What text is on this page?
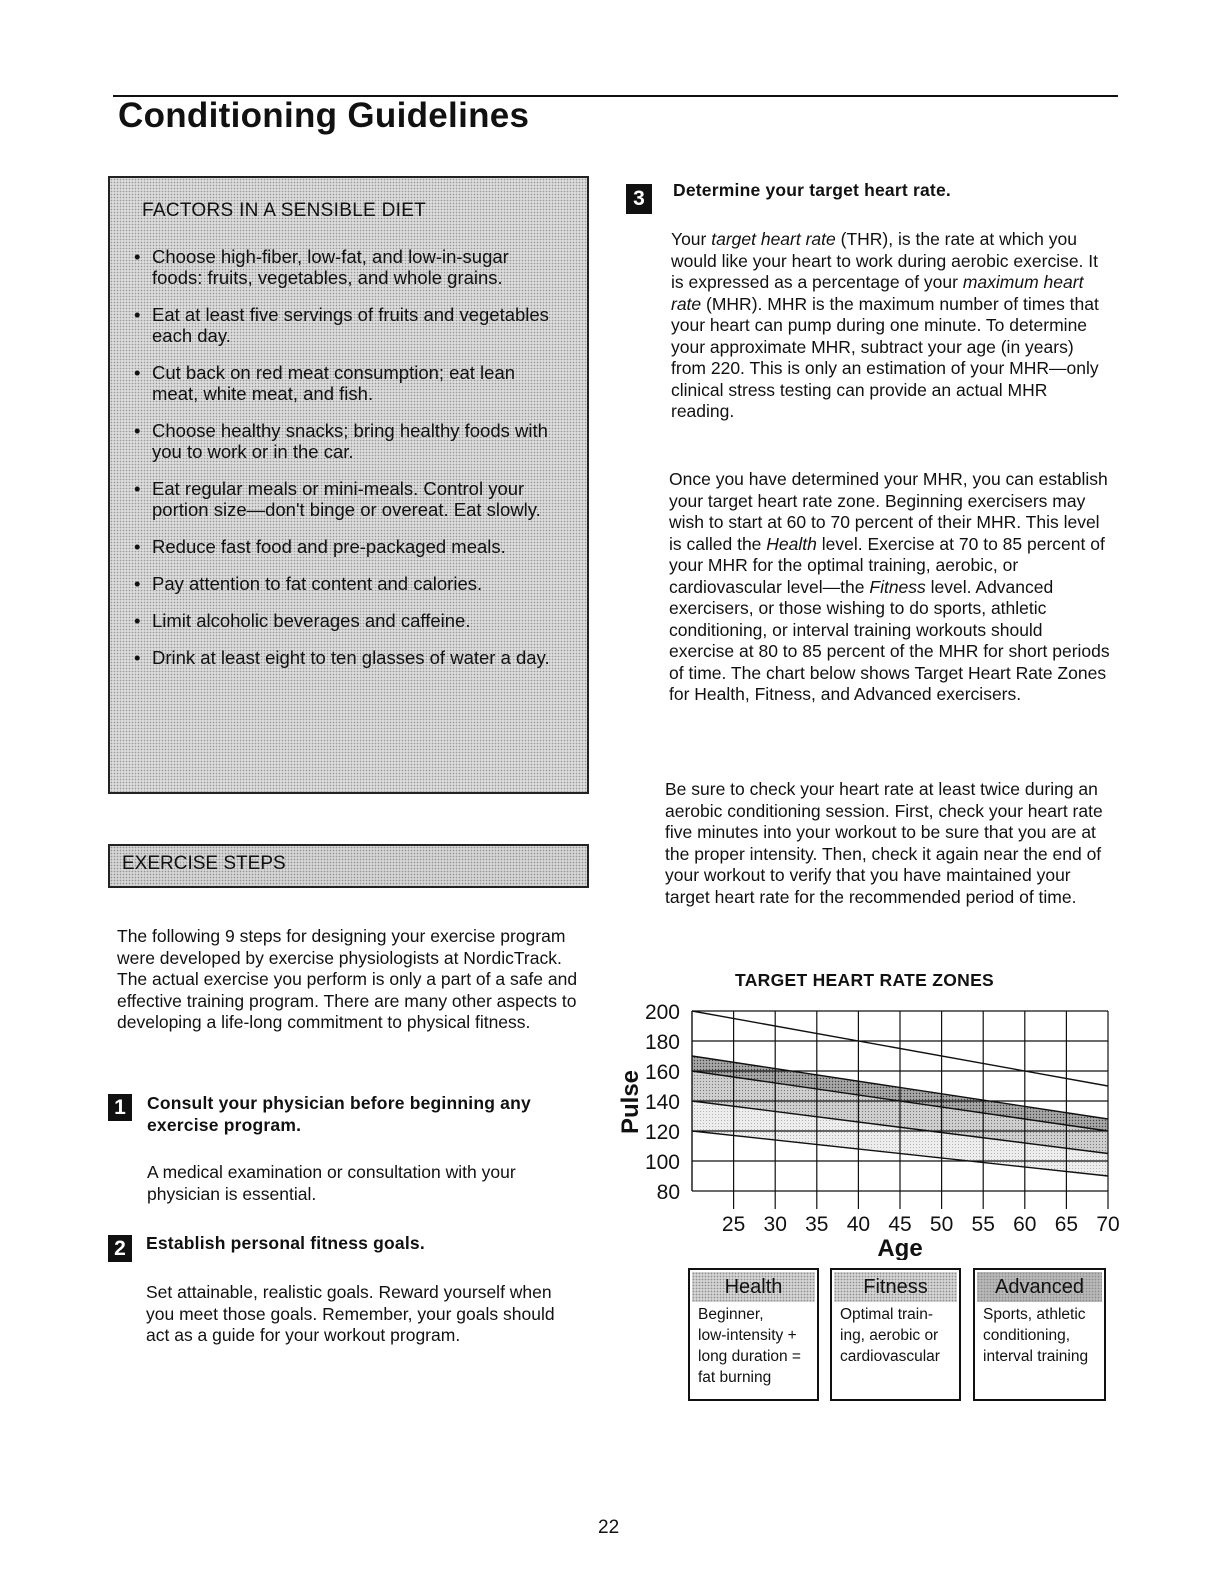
Conditioning Guidelines
FACTORS IN A SENSIBLE DIET
• Choose high-fiber, low-fat, and low-in-sugar foods: fruits, vegetables, and whole grains.
• Eat at least five servings of fruits and vegetables each day.
• Cut back on red meat consumption; eat lean meat, white meat, and fish.
• Choose healthy snacks; bring healthy foods with you to work or in the car.
• Eat regular meals or mini-meals. Control your portion size—don't binge or overeat. Eat slowly.
• Reduce fast food and pre-packaged meals.
• Pay attention to fat content and calories.
• Limit alcoholic beverages and caffeine.
• Drink at least eight to ten glasses of water a day.
EXERCISE STEPS
The following 9 steps for designing your exercise program were developed by exercise physiologists at NordicTrack. The actual exercise you perform is only a part of a safe and effective training program. There are many other aspects to developing a life-long commitment to physical fitness.
1	Consult your physician before beginning any exercise program.
A medical examination or consultation with your physician is essential.
2	Establish personal fitness goals.
Set attainable, realistic goals. Reward yourself when you meet those goals. Remember, your goals should act as a guide for your workout program.
3	Determine your target heart rate.
Your target heart rate (THR), is the rate at which you would like your heart to work during aerobic exercise. It is expressed as a percentage of your maximum heart rate (MHR). MHR is the maximum number of times that your heart can pump during one minute. To determine your approximate MHR, subtract your age (in years) from 220. This is only an estimation of your MHR—only clinical stress testing can provide an actual MHR reading.
Once you have determined your MHR, you can establish your target heart rate zone. Beginning exercisers may wish to start at 60 to 70 percent of their MHR. This level is called the Health level. Exercise at 70 to 85 percent of your MHR for the optimal training, aerobic, or cardiovascular level—the Fitness level. Advanced exercisers, or those wishing to do sports, athletic conditioning, or interval training workouts should exercise at 80 to 85 percent of the MHR for short periods of time. The chart below shows Target Heart Rate Zones for Health, Fitness, and Advanced exercisers.
Be sure to check your heart rate at least twice during an aerobic conditioning session. First, check your heart rate five minutes into your workout to be sure that you are at the proper intensity. Then, check it again near the end of your workout to verify that you have maintained your target heart rate for the recommended period of time.
TARGET HEART RATE ZONES
200
180
160
140
120
100
80
25 30 35 40 45 50 55 60 65 70
Pulse
Age
Health
Beginner,
low-intensity +
long duration =
fat burning
Fitness
Optimal train-
ing, aerobic or
cardiovascular
Advanced
Sports, athletic
conditioning,
interval training
22
